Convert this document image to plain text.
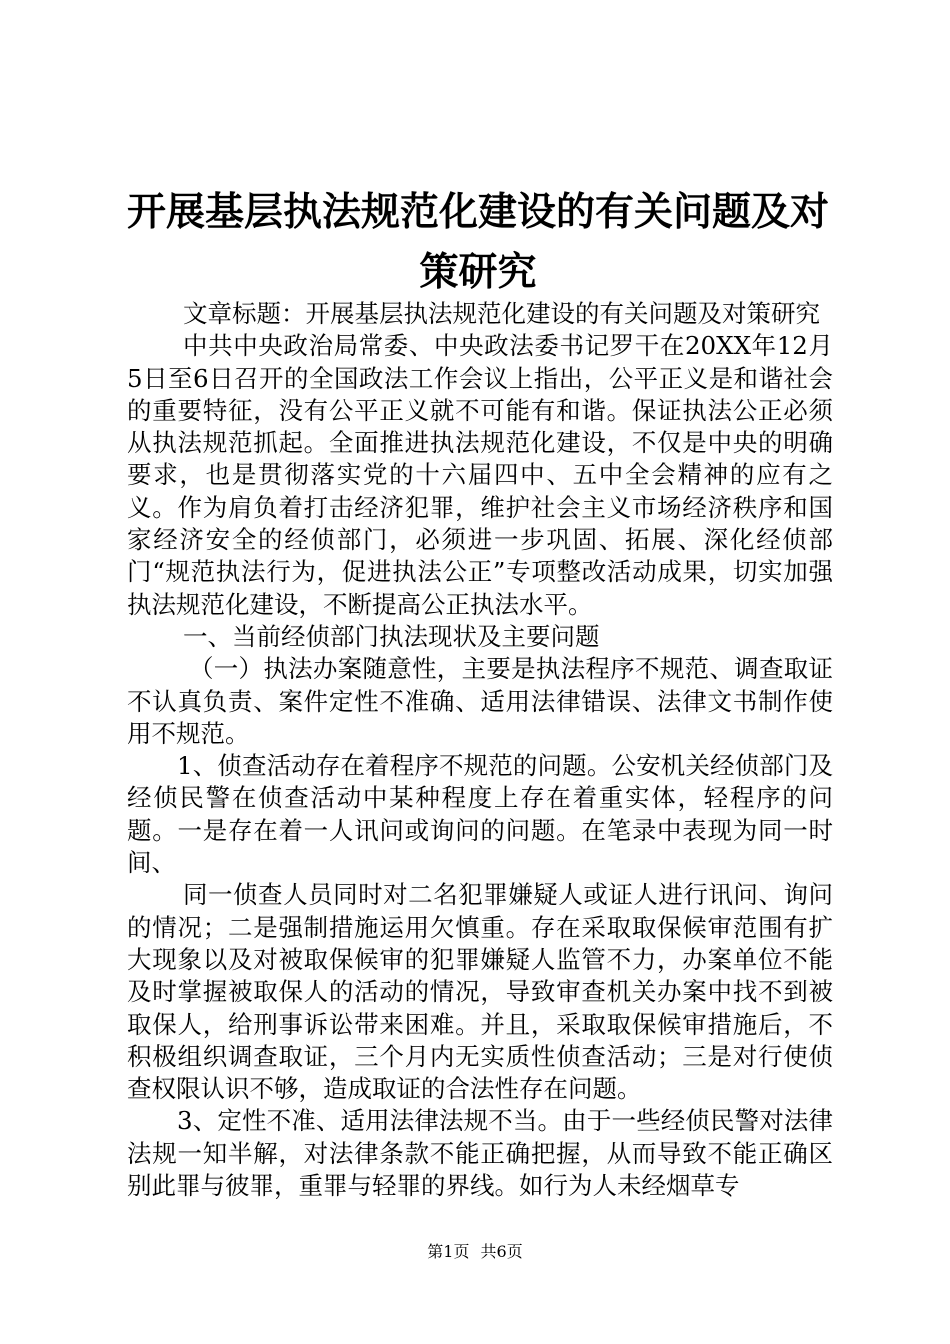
开展基层执法规范化建设的有关问题及对策研究

文章标题：开展基层执法规范化建设的有关问题及对策研究

中共中央政治局常委、中央政法委书记罗干在20XX年12月5日至6日召开的全国政法工作会议上指出，公平正义是和谐社会的重要特征，没有公平正义就不可能有和谐。保证执法公正必须从执法规范抓起。全面推进执法规范化建设，不仅是中央的明确要求，也是贯彻落实党的十六届四中、五中全会精神的应有之义。作为肩负着打击经济犯罪，维护社会主义市场经济秩序和国家经济安全的经侦部门，必须进一步巩固、拓展、深化经侦部门“规范执法行为，促进执法公正”专项整改活动成果，切实加强执法规范化建设，不断提高公正执法水平。

一、当前经侦部门执法现状及主要问题

（一）执法办案随意性，主要是执法程序不规范、调查取证不认真负责、案件定性不准确、适用法律错误、法律文书制作使用不规范。

1、侦查活动存在着程序不规范的问题。公安机关经侦部门及经侦民警在侦查活动中某种程度上存在着重实体，轻程序的问题。一是存在着一人讯问或询问的问题。在笔录中表现为同一时间、

同一侦查人员同时对二名犯罪嫌疑人或证人进行讯问、询问的情况；二是强制措施运用欠慎重。存在采取取保候审范围有扩大现象以及对被取保候审的犯罪嫌疑人监管不力，办案单位不能及时掌握被取保人的活动的情况，导致审查机关办案中找不到被取保人，给刑事诉讼带来困难。并且，采取取保候审措施后，不积极组织调查取证，三个月内无实质性侦查活动；三是对行使侦查权限认识不够，造成取证的合法性存在问题。

3、定性不准、适用法律法规不当。由于一些经侦民警对法律法规一知半解，对法律条款不能正确把握，从而导致不能正确区别此罪与彼罪，重罪与轻罪的界线。如行为人未经烟草专

第1页 共6页
